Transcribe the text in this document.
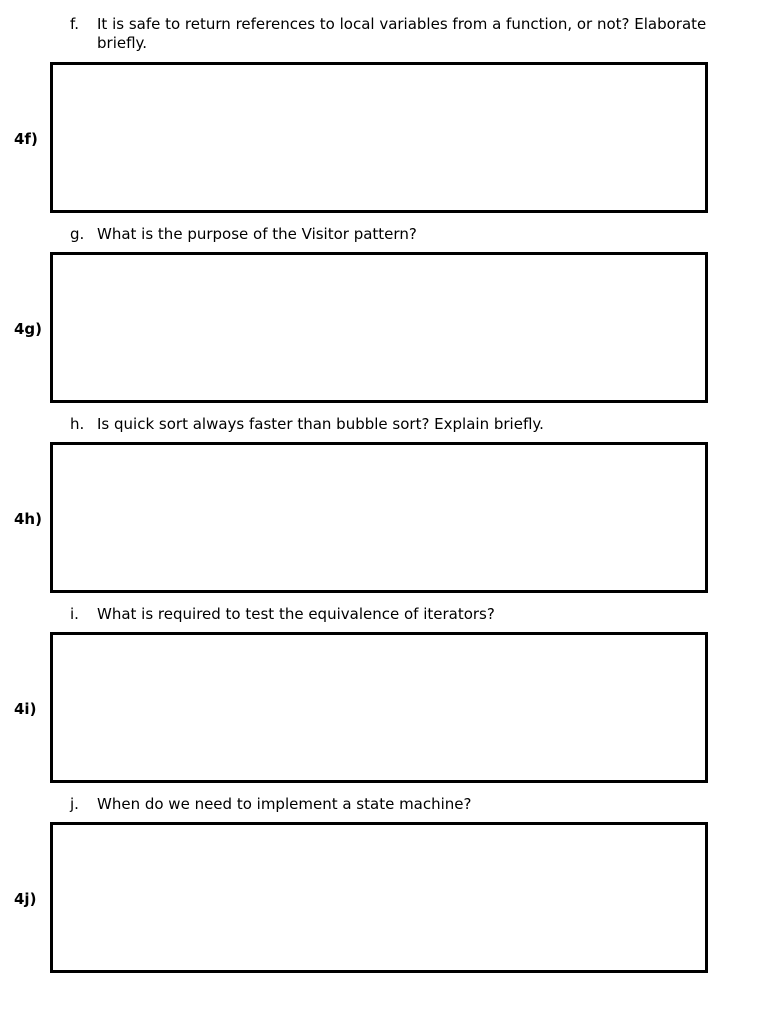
f.	It is safe to return references to local variables from a function, or not? Elaborate briefly.
4f)
g. What is the purpose of the Visitor pattern?
4g)
h. Is quick sort always faster than bubble sort? Explain briefly.
4h)
i.	What is required to test the equivalence of iterators?
4i)
j.	When do we need to implement a state machine?
4j)
